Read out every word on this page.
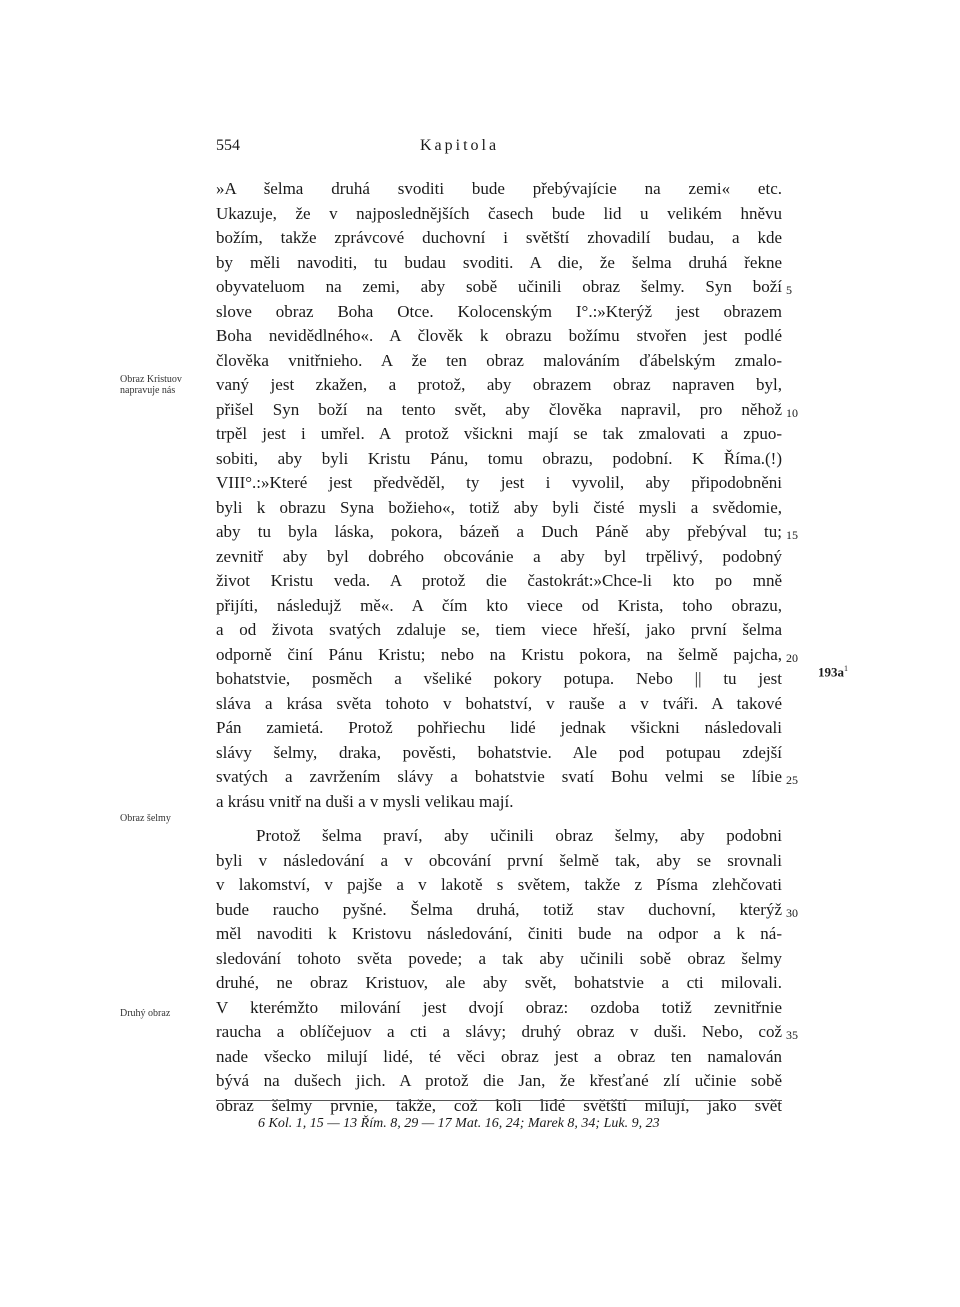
554	Kapitola
»A šelma druhá svoditi bude přebývajície na zemi« etc.
Ukazuje, že v najposlednějších časech bude lid u velikém hněvu
božím, takže zprávcové duchovní i světští zhovadilí budau, a kde
by měli navoditi, tu budau svoditi. A die, že šelma druhá řekne
obyvateluom na zemi, aby sobě učinili obraz šelmy. Syn boží
slove obraz Boha Otce. Kolocenským I°.:»Kterýž jest obrazem
Boha nevidědlného«. A člověk k obrazu božímu stvořen jest podlé
člověka vnitřnieho. A že ten obraz malováním ďábelským zmalo-
vaný jest zkažen, a protož, aby obrazem obraz napraven byl,
přišel Syn boží na tento svět, aby člověka napravil, pro něhož
trpěl jest i umřel. A protož všickni mají se tak zmalovati a zpuo-
sobiti, aby byli Kristu Pánu, tomu obrazu, podobní. K Říma.(!)
VIII°.:»Které jest předvěděl, ty jest i vyvolil, aby připodobněni
byli k obrazu Syna božieho«, totiž aby byli čisté mysli a svědomie,
aby tu byla láska, pokora, bázeň a Duch Páně aby přebýval tu;
zevnitř aby byl dobrého obcovánie a aby byl trpělivý, podobný
život Kristu veda. A protož die častokrát:»Chce-li kto po mně
přijíti, následujž mě«. A čím kto viece od Krista, toho obrazu,
a od života svatých zdaluje se, tiem viece hřeší, jako první šelma
odporně činí Pánu Kristu; nebo na Kristu pokora, na šelmě pajcha,
bohatstvie, posměch a všeliké pokory potupa. Nebo || tu jest
sláva a krása světa tohoto v bohatství, v rauše a v tváři. A takové
Pán zamietá. Protož pohřiechu lidé jednak všickni následovali
slávy šelmy, draka, pověsti, bohatstvie. Ale pod potupau zdejší
svatých a zavržením slávy a bohatstvie svatí Bohu velmi se líbie
a krásu vnitř na duši a v mysli velikau mají.
Protož šelma praví, aby učinili obraz šelmy, aby podobni
byli v následování a v obcování první šelmě tak, aby se srovnali
v lakomství, v pajše a v lakotě s světem, takže z Písma zlehčovati
bude raucho pyšné. Šelma druhá, totiž stav duchovní, kterýž
měl navoditi k Kristovu následování, činiti bude na odpor a k ná-
sledování tohoto světa povede; a tak aby učinili sobě obraz šelmy
druhé, ne obraz Kristuov, ale aby svět, bohatstvie a cti milovali.
V kterémžto milování jest dvojí obraz: ozdoba totiž zevnitřnie
raucha a oblíčejuov a cti a slávy; druhý obraz v duši. Nebo, což
nade všecko milují lidé, té věci obraz jest a obraz ten namalován
bývá na dušech jich. A protož die Jan, že křesťané zlí učinie sobě
obraz šelmy prvnie, takže, což koli lidé světští milují, jako svět
5
10
15
20
25
30
35
Obraz Kristuov
napravuje nás
Obraz šelmy
Druhý obraz
$193a^1$
6 Kol. 1, 15 — 13 Řím. 8, 29 — 17 Mat. 16, 24; Marek 8, 34; Luk. 9, 23
